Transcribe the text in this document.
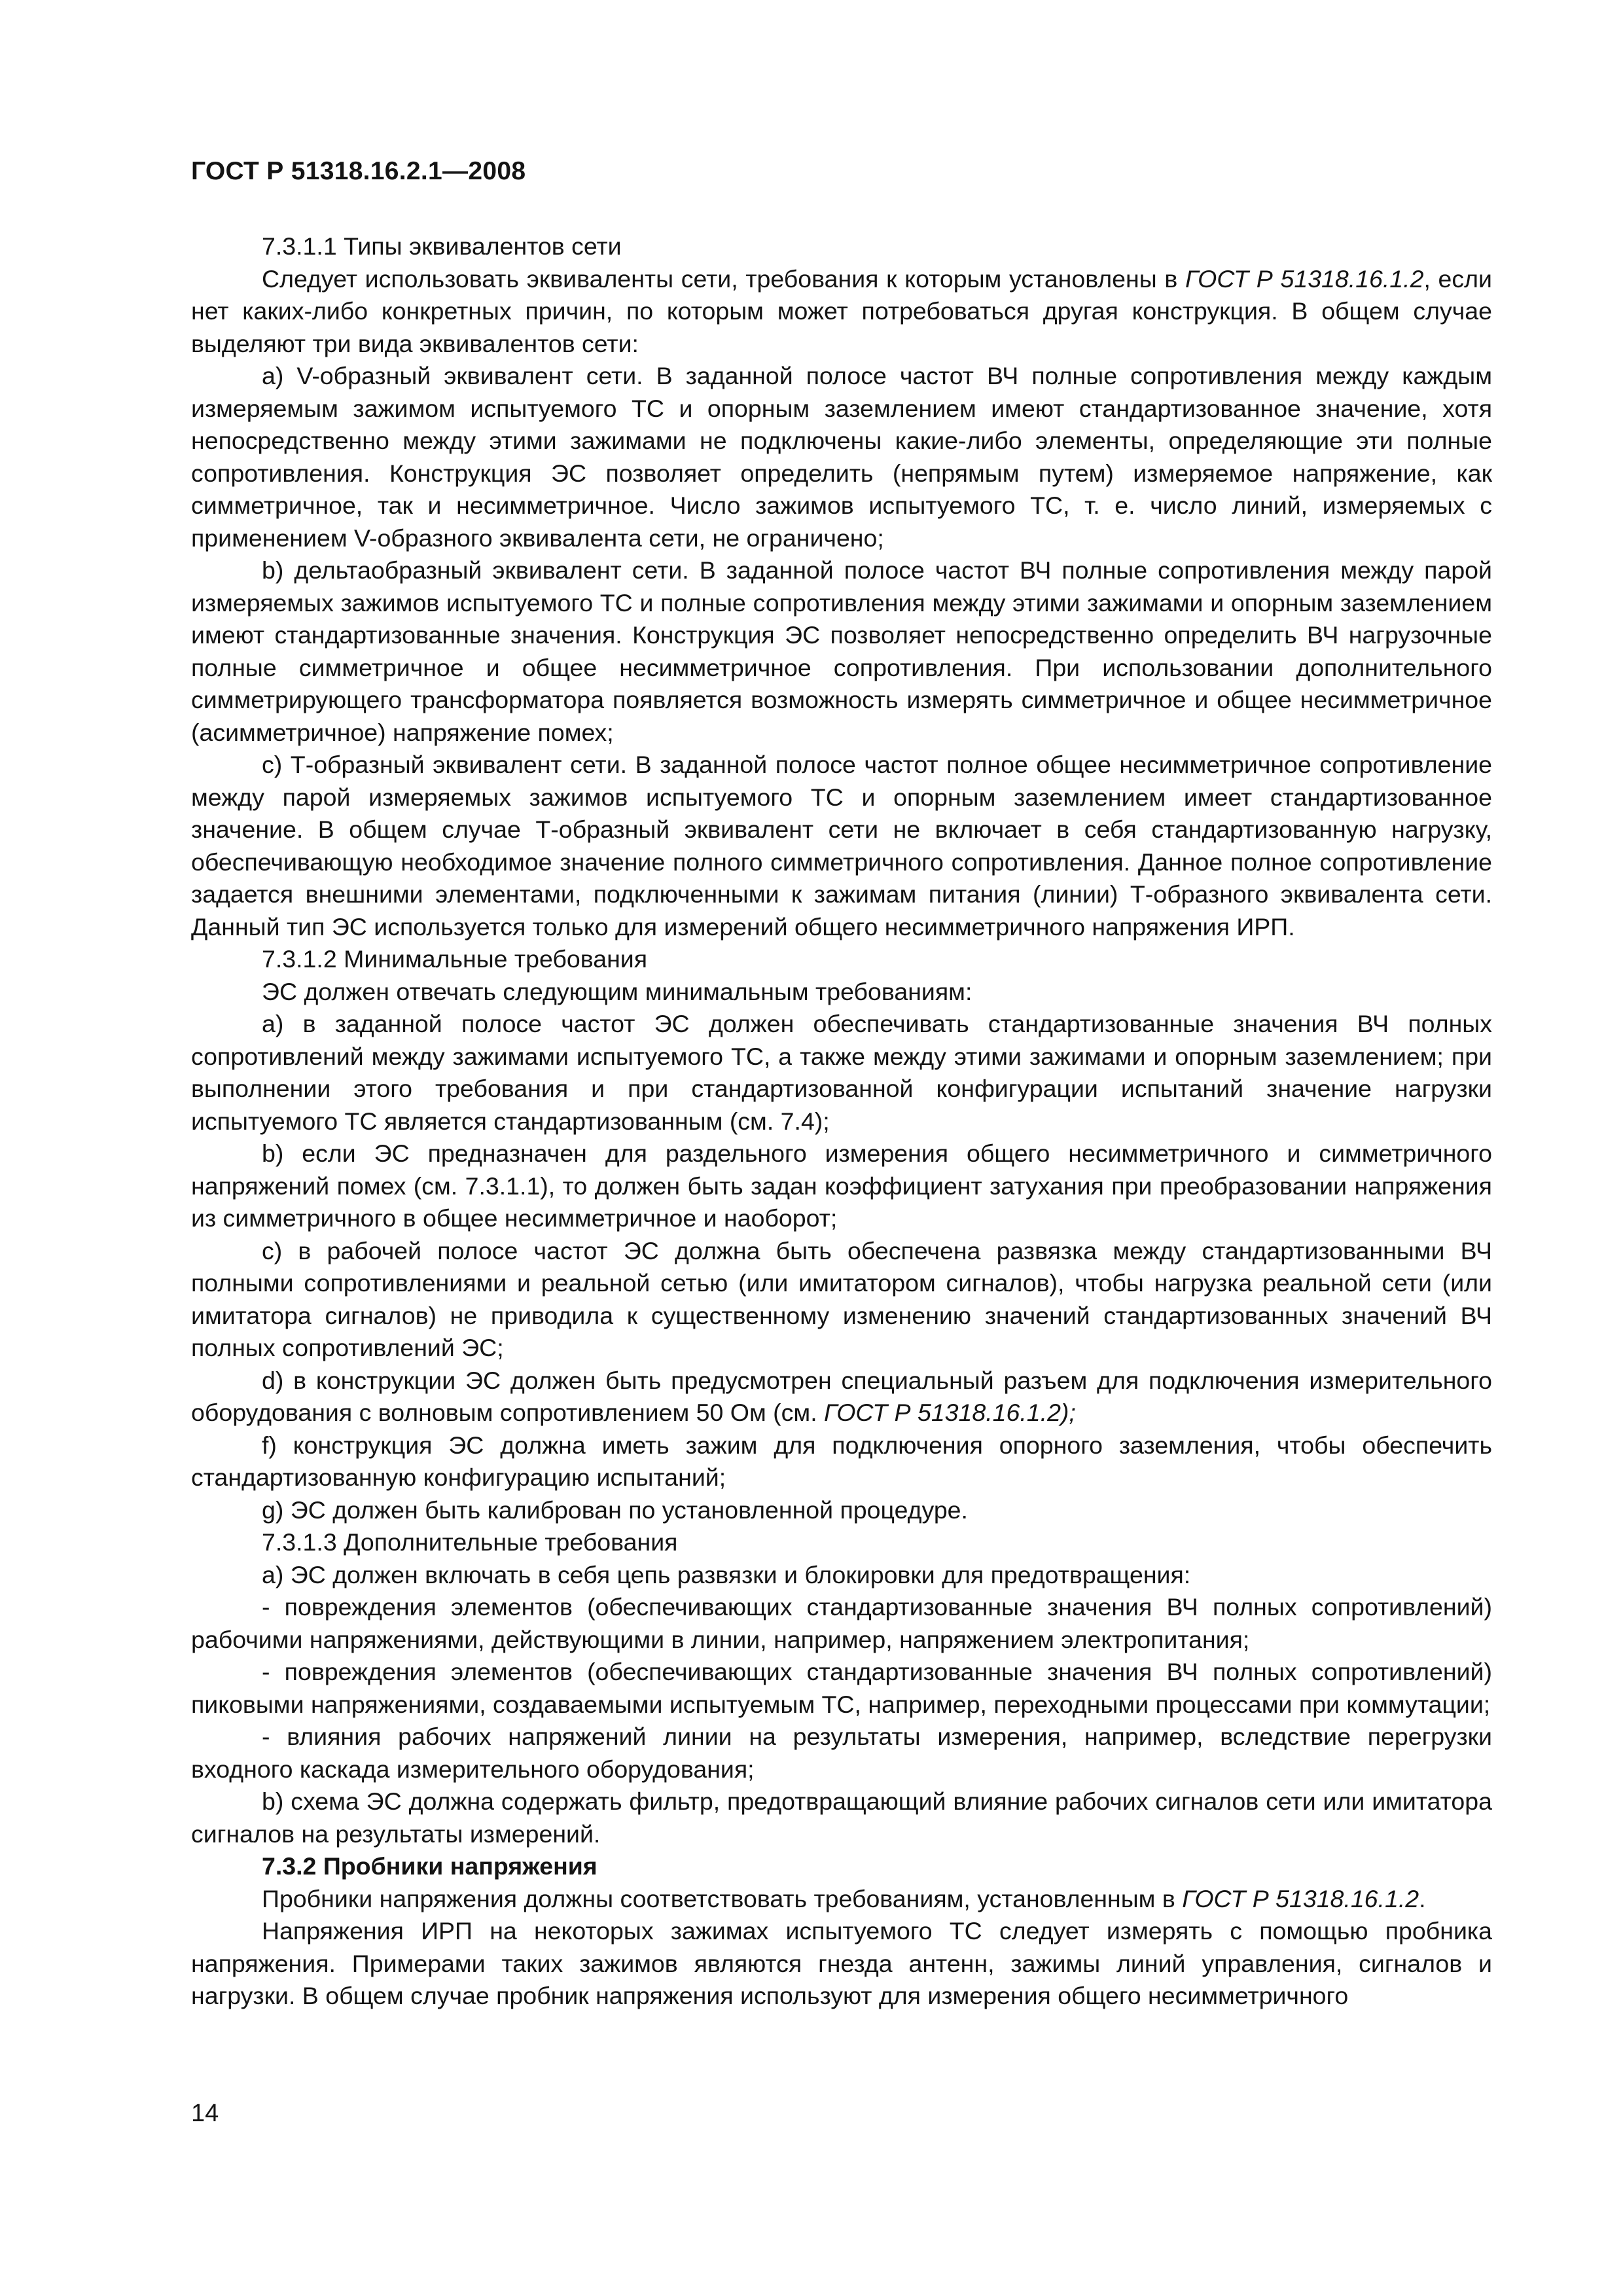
ГОСТ Р 51318.16.2.1—2008

7.3.1.1 Типы эквивалентов сети

Следует использовать эквиваленты сети, требования к которым установлены в ГОСТ Р 51318.16.1.2, если нет каких-либо конкретных причин, по которым может потребоваться другая конструкция. В общем случае выделяют три вида эквивалентов сети:

a) V-образный эквивалент сети. В заданной полосе частот ВЧ полные сопротивления между каждым измеряемым зажимом испытуемого ТС и опорным заземлением имеют стандартизованное значение, хотя непосредственно между этими зажимами не подключены какие-либо элементы, определяющие эти полные сопротивления. Конструкция ЭС позволяет определить (непрямым путем) измеряемое напряжение, как симметричное, так и несимметричное. Число зажимов испытуемого ТС, т. е. число линий, измеряемых с применением V-образного эквивалента сети, не ограничено;

b) дельтаобразный эквивалент сети. В заданной полосе частот ВЧ полные сопротивления между парой измеряемых зажимов испытуемого ТС и полные сопротивления между этими зажимами и опорным заземлением имеют стандартизованные значения. Конструкция ЭС позволяет непосредственно определить ВЧ нагрузочные полные симметричное и общее несимметричное сопротивления. При использовании дополнительного симметрирующего трансформатора появляется возможность измерять симметричное и общее несимметричное (асимметричное) напряжение помех;

c) Т-образный эквивалент сети. В заданной полосе частот полное общее несимметричное сопротивление между парой измеряемых зажимов испытуемого ТС и опорным заземлением имеет стандартизованное значение. В общем случае Т-образный эквивалент сети не включает в себя стандартизованную нагрузку, обеспечивающую необходимое значение полного симметричного сопротивления. Данное полное сопротивление задается внешними элементами, подключенными к зажимам питания (линии) Т-образного эквивалента сети. Данный тип ЭС используется только для измерений общего несимметричного напряжения ИРП.

7.3.1.2 Минимальные требования

ЭС должен отвечать следующим минимальным требованиям:

a) в заданной полосе частот ЭС должен обеспечивать стандартизованные значения ВЧ полных сопротивлений между зажимами испытуемого ТС, а также между этими зажимами и опорным заземлением; при выполнении этого требования и при стандартизованной конфигурации испытаний значение нагрузки испытуемого ТС является стандартизованным (см. 7.4);

b) если ЭС предназначен для раздельного измерения общего несимметричного и симметричного напряжений помех (см. 7.3.1.1), то должен быть задан коэффициент затухания при преобразовании напряжения из симметричного в общее несимметричное и наоборот;

c) в рабочей полосе частот ЭС должна быть обеспечена развязка между стандартизованными ВЧ полными сопротивлениями и реальной сетью (или имитатором сигналов), чтобы нагрузка реальной сети (или имитатора сигналов) не приводила к существенному изменению значений стандартизованных значений ВЧ полных сопротивлений ЭС;

d) в конструкции ЭС должен быть предусмотрен специальный разъем для подключения измерительного оборудования с волновым сопротивлением 50 Ом (см. ГОСТ Р 51318.16.1.2);

f) конструкция ЭС должна иметь зажим для подключения опорного заземления, чтобы обеспечить стандартизованную конфигурацию испытаний;

g) ЭС должен быть калиброван по установленной процедуре.

7.3.1.3 Дополнительные требования

a) ЭС должен включать в себя цепь развязки и блокировки для предотвращения:

- повреждения элементов (обеспечивающих стандартизованные значения ВЧ полных сопротивлений) рабочими напряжениями, действующими в линии, например, напряжением электропитания;

- повреждения элементов (обеспечивающих стандартизованные значения ВЧ полных сопротивлений) пиковыми напряжениями, создаваемыми испытуемым ТС, например, переходными процессами при коммутации;

- влияния рабочих напряжений линии на результаты измерения, например, вследствие перегрузки входного каскада измерительного оборудования;

b) схема ЭС должна содержать фильтр, предотвращающий влияние рабочих сигналов сети или имитатора сигналов на результаты измерений.

7.3.2 Пробники напряжения

Пробники напряжения должны соответствовать требованиям, установленным в ГОСТ Р 51318.16.1.2.

Напряжения ИРП на некоторых зажимах испытуемого ТС следует измерять с помощью пробника напряжения. Примерами таких зажимов являются гнезда антенн, зажимы линий управления, сигналов и нагрузки. В общем случае пробник напряжения используют для измерения общего несимметричного

14
